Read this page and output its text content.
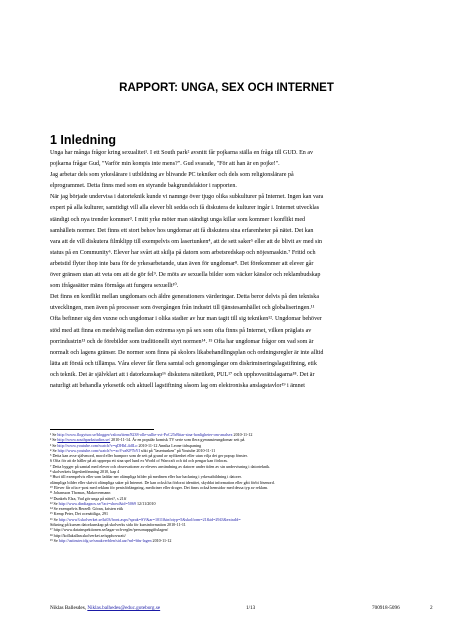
RAPPORT: UNGA, SEX OCH INTERNET
1 Inledning

Unga har många frågor kring sexualitet¹. I ett South park² avsnitt får pojkarna ställa en fråga till GUD. En av
pojkarna frågar Gud, "Varför min kompis inte mens?". Gud svarade, "För att han är en pojke!".
Jag arbetar dels som yrkeslärare i utbildning av blivande PC tekniker och dels som religionslärare på
elprogrammet. Detta finns med som en styrande bakgrundsfaktor i rapporten.

När jag började undervisa i datorteknik kunde vi namnge över tjugo olika subkulturer på Internet. Ingen kan vara
expert på alla kulturer, samtidigt vill alla elever bli sedda och få diskutera de kulturer ingår i. Internet utvecklas
ständigt och nya trender kommer³. I mitt yrke möter man ständigt unga killar som kommer i konflikt med
samhällets normer. Det finns ett stort behov hos ungdomar att få diskutera sina erfarenheter på nätet. Det kan
vara att de vill diskutera filmklipp till exempelvis om lasertunken⁴, att de sett saker⁵ eller att de blivit av med sin
status på en Community⁶. Elever har svårt att skilja på datorn som arbetsredskap och nöjesmaskin.⁷ Fritid och
arbetstid flyter ihop inte bara för de yrkesarbetande, utan även för ungdomar⁸. Det förekommer att elever går
över gränsen utan att veta om att de gör fel⁹. De möts av sexuella bilder som väcker känslor och reklambudskap
som ifrågasätter mäns förmåga att fungera sexuellt¹⁰.

Det finns en konflikt mellan ungdomars och äldre generationers värderingar. Detta beror delvis på den tekniska
utvecklingen, men även på processer som övergången från industri till tjänstesamhället och globaliseringen.¹¹
Ofta befinner sig den vuxne och ungdomar i olika stadier av hur man tagit till sig tekniken¹². Ungdomar behöver
stöd med att finna en medelväg mellan den extrema syn på sex som ofta finns på Internet, vilken präglats av
porrindustrin¹³ och de förebilder som traditionellt styrt normen¹⁴. ¹⁵ Ofta har ungdomar frågor om vad som är
normalt och lagens gränser. De normer som finns på skolors likabehandlingsplan och ordningsregler är inte alltid
lätta att förstå och tillämpa. Våra elever får flera samtal och genomgångar om diskrimineringslagstiftning, etik
och teknik. Det är självklart att i datorkunskap¹⁶ diskutera nätetikett, PUL¹⁷ och upphovsrättslagarna¹⁸. Det är
naturligt att behandla yrkesetik och aktuell lagstiftning såsom lag om elektroniska anslagstavlor¹⁹ i ämnet

¹ Se http://www.flogvisor.se/blogger/valora/item/8238-olle-sullte-svt-PoC25rBttar-sina-honligheter-om-analsex 2010-11-12
² Se http://www.southparkstudios.se/ 2010-11-14. Är en populär komisk TV serie som flera gymnasieungdomar sett på.
³ Se http://www.youtube.com/watch?v=qDHhL4dlLo 2010-11-12 Annika Leone tidsspaning
⁴ Se http://www.youtube.com/watch?v=xoVvaKP7bYI sökt på "lasertunken" på Youtube 2010-11-11
⁵ Detta kan avse självmord, mord eller barnporr som de sett på grund av nyfikenhet eller utan vilja det ger popup fönster.
6 Ofta för att de håller på att upprepa ett sina spel lund ex World of Warcraft och tid och pengar kan förloras.
⁷ Detta bygger på samtal med elever och observationer av elevers användning av datorer under tiden av sin undervisning i datorteknik.
⁸ skolverkets lägesbedömning 2010, kap 4
⁹ Hurt till exempelvis eller som laddar ner olämpliga bilder på medinen eller har hackning i yrkesutbildning i datorer.
olämpliga bilder eller skrivit olämpliga saker på Internet. De kan också ha förlorat identitet, skyddat information eller gått förbi lösenord.
¹⁰ Elever får ofta e-post med reklam för penisförlängning, mediciner eller droger. Det finns också hemsidor med dessa typ av reklam.
¹¹ Johansson Thomas, Makovermann
¹² Dunkels Elza, Vad gör unga på nätet?, s 21ff
¹³ Se http://www.dindiagnos.se/?act=show&id=5069 12/11/2010
¹⁴ Se exempelvis Berzell: Göran, kristen etik
¹⁵ Kemp Peter, Det ocenättliga, 291
¹⁶ Se http://www3.skolverket.se/ki03/front.aspx?sprak=SV&ar=1011&infotyp=5&skolform=21&id=2943&extraId=
Sökning på kursen datorkunskap på skolverks sida för kursinformation 2010-11-11
¹⁷ http://www.datainspektionen.se/lagar-och-regler/personuppgiftslagen/
¹⁸ http://kollakallan.skolverket.se/upphovsratt/
¹⁹ Se http://ustinster.idg.se/smakverblen/sid.aar?nrl=bbs-lagen 2010-11-12
Niklas Ballesdes, Niklas.balhedes@educ.goteborg.se	1/13	700918-5096	2
